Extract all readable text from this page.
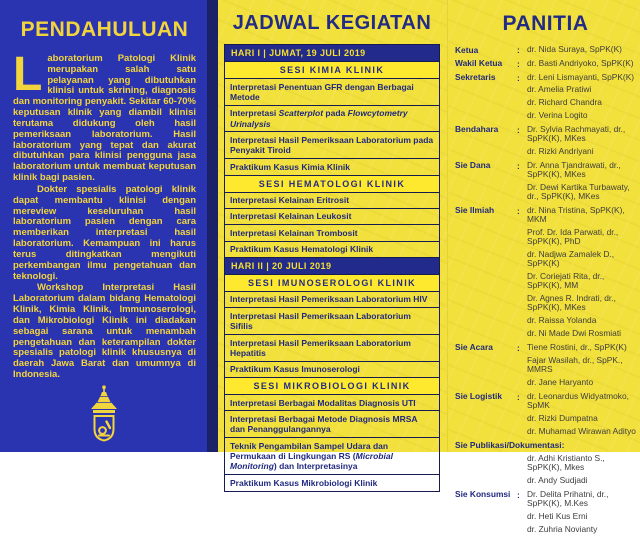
PENDAHULUAN

Laboratorium Patologi Klinik merupakan salah satu pelayanan yang dibutuhkan klinisi untuk skrining, diagnosis dan monitoring penyakit. Sekitar 60-70% keputusan klinik yang diambil klinisi terutama didukung oleh hasil pemeriksaan laboratorium. Hasil laboratorium yang tepat dan akurat dibutuhkan para klinisi pengguna jasa laboratorium untuk membuat keputusan klinik bagi pasien.

Dokter spesialis patologi klinik dapat membantu klinisi dengan mereview keseluruhan hasil laboratorium pasien dengan cara memberikan interpretasi hasil laboratorium. Kemampuan ini harus terus ditingkatkan mengikuti perkembangan ilmu pengetahuan dan teknologi.

Workshop Interpretasi Hasil Laboratorium dalam bidang Hematologi Klinik, Kimia Klinik, Immunoserologi, dan Mikrobiologi Klinik ini diadakan sebagai sarana untuk menambah pengetahuan dan keterampilan dokter spesialis patologi klinik khususnya di daerah Jawa Barat dan umumnya di Indonesia.

JADWAL KEGIATAN
HARI I | JUMAT, 19 JULI 2019
SESI KIMIA KLINIK
Interpretasi Penentuan GFR dengan Berbagai Metode
Interpretasi Scatterplot pada Flowcytometry Urinalysis
Interpretasi Hasil Pemeriksaan Laboratorium pada Penyakit Tiroid
Praktikum Kasus Kimia Klinik
SESI HEMATOLOGI KLINIK
Interpretasi Kelainan Eritrosit
Interpretasi Kelainan Leukosit
Interpretasi Kelainan Trombosit
Praktikum Kasus Hematologi Klinik
HARI II | 20 JULI 2019
SESI IMUNOSEROLOGI KLINIK
Interpretasi Hasil Pemeriksaan Laboratorium HIV
Interpretasi Hasil Pemeriksaan Laboratorium Sifilis
Interpretasi Hasil Pemeriksaan Laboratorium Hepatitis
Praktikum Kasus Imunoserologi
SESI MIKROBIOLOGI KLINIK
Interpretasi Berbagai Modalitas Diagnosis UTI
Interpretasi Berbagai Metode Diagnosis MRSA dan Penanggulangannya
Teknik Pengambilan Sampel Udara dan Permukaan di Lingkungan RS (Microbial Monitoring) dan Interpretasinya
Praktikum Kasus Mikrobiologi Klinik
PANITIA
Ketua	: dr. Nida Suraya, SpPK(K)
Wakil Ketua	: dr. Basti Andriyoko, SpPK(K)
Sekretaris	: dr. Leni Lismayanti, SpPK(K)
dr. Amelia Pratiwi
dr. Richard Chandra
dr. Verina Logito
Bendahara	: Dr. Sylvia Rachmayati, dr., SpPK(K), MKes
dr. Rizki Andriyani
Sie Dana	: Dr. Anna Tjandrawati, dr., SpPK(K), MKes
Dr. Dewi Kartika Turbawaty, dr., SpPK(K), MKes
Sie Ilmiah	: dr. Nina Tristina, SpPK(K), MKM
Prof. Dr. Ida Parwati, dr., SpPK(K), PhD
dr. Nadjwa Zamalek D., SpPK(K)
Dr. Coriejati Rita, dr., SpPK(K), MM
Dr. Agnes R. Indrati, dr., SpPK(K), MKes
dr. Raissa Yolanda
dr. Ni Made Dwi Rosmiati
Sie Acara	: Tiene Rostini, dr., SpPK(K)
Fajar Wasilah, dr., SpPK., MMRS
dr. Jane Haryanto
Sie Logistik	: dr. Leonardus Widyatmoko, SpMK
dr. Rizki Dumpatna
dr. Muhamad Wirawan Adityo
Sie Publikasi/Dokumentasi:
dr. Adhi Kristianto S., SpPK(K), Mkes
dr. Andy Sudjadi
Sie Konsumsi : Dr. Delita Prihatni, dr., SpPK(K), M.Kes
dr. Heti Kus Erni
dr. Zuhria Novianty
